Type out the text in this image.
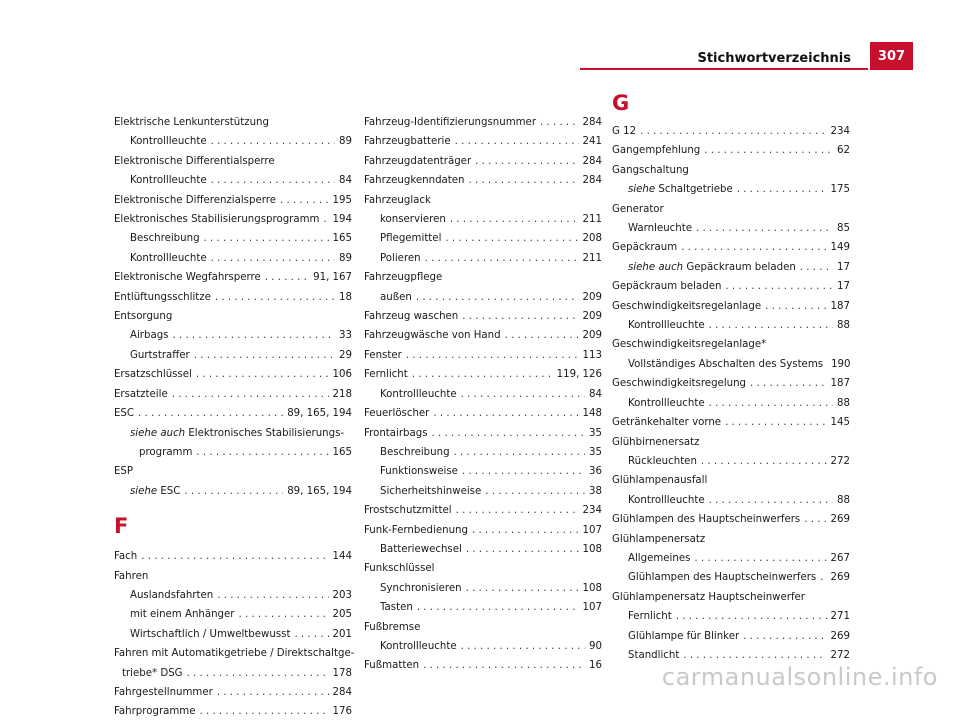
Stichwortverzeichnis	307
Elektrische Lenkunterstützung
Kontrollleuchte . . .	89
Elektronische Differentialsperre
Kontrollleuchte . . .	84
Elektronische Differenzialsperre . . .	195
Elektronisches Stabilisierungsprogramm . . . 194
Beschreibung . . .	165
Kontrollleuchte . . .	89
Elektronische Wegfahrsperre . . .	91, 167
Entlüftungsschlitze . . .	18
Entsorgung
Airbags . . .	33
Gurtstraffer . . .	29
Ersatzschlüssel . . .	106
Ersatzteile . . .	218
ESC . . .	89, 165, 194
siehe auch Elektronisches Stabilisierungs-
programm . . .	165
ESP
siehe ESC . . .	89, 165, 194
F
Fach . . .	144
Fahren
Auslandsfahrten . . .	203
mit einem Anhänger . . .	205
Wirtschaftlich / Umweltbewusst . . .	201
Fahren mit Automatikgetriebe / Direktschaltge-
triebe* DSG . . .	178
Fahrgestellnummer . . .	284
Fahrprogramme . . .	176
Fahrzeug-Identifizierungsnummer . . .	284
Fahrzeugbatterie . . .	241
Fahrzeugdatenträger . . .	284
Fahrzeugkenndaten . . .	284
Fahrzeuglack
konservieren . . .	211
Pflegemittel . . .	208
Polieren . . .	211
Fahrzeugpflege
außen . . .	209
Fahrzeug waschen . . .	209
Fahrzeugwäsche von Hand . . .	209
Fenster . . .	113
Fernlicht . . .	119, 126
Kontrollleuchte . . .	84
Feuerlöscher . . .	148
Frontairbags . . .	35
Beschreibung . . .	35
Funktionsweise . . .	36
Sicherheitshinweise . . .	38
Frostschutzmittel . . .	234
Funk-Fernbedienung . . .	107
Batteriewechsel . . .	108
Funkschlüssel
Synchronisieren . . .	108
Tasten . . .	107
Fußbremse
Kontrollleuchte . . .	90
Fußmatten . . .	16
G
G 12 . . .	234
Gangempfehlung . . .	62
Gangschaltung
siehe Schaltgetriebe . . .	175
Generator
Warnleuchte . . .	85
Gepäckraum . . .	149
siehe auch Gepäckraum beladen . . .	17
Gepäckraum beladen . . .	17
Geschwindigkeitsregelanlage . . .	187
Kontrollleuchte . . .	88
Geschwindigkeitsregelanlage*
Vollständiges Abschalten des Systems 190
Geschwindigkeitsregelung . . .	187
Kontrollleuchte . . .	88
Getränkehalter vorne . . .	145
Glühbirnenersatz
Rückleuchten . . .	272
Glühlampenausfall
Kontrollleuchte . . .	88
Glühlampen des Hauptscheinwerfers . . .	269
Glühlampenersatz
Allgemeines . . .	267
Glühlampen des Hauptscheinwerfers . . . 269
Glühlampenersatz Hauptscheinwerfer
Fernlicht . . .	271
Glühlampe für Blinker . . .	269
Standlicht . . .	272
carmanualsonline.info
